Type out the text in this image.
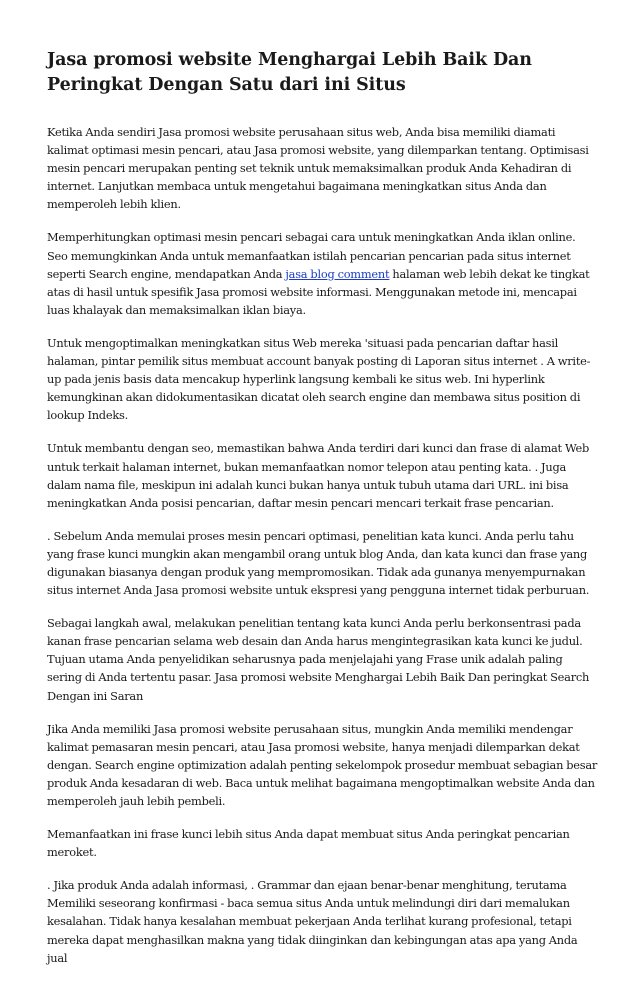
Jasa promosi website Menghargai Lebih Baik Dan Peringkat Dengan Satu dari ini Situs

Ketika Anda sendiri Jasa promosi website perusahaan situs web, Anda bisa memiliki diamati kalimat optimasi mesin pencari, atau Jasa promosi website, yang dilemparkan tentang. Optimisasi mesin pencari merupakan penting set teknik untuk memaksimalkan produk Anda Kehadiran di internet. Lanjutkan membaca untuk mengetahui bagaimana meningkatkan situs Anda dan memperoleh lebih klien.

Memperhitungkan optimasi mesin pencari sebagai cara untuk meningkatkan Anda iklan online. Seo memungkinkan Anda untuk memanfaatkan istilah pencarian pencarian pada situs internet seperti Search engine, mendapatkan Anda jasa blog comment halaman web lebih dekat ke tingkat atas di hasil untuk spesifik Jasa promosi website informasi. Menggunakan metode ini, mencapai luas khalayak dan memaksimalkan iklan biaya.

Untuk mengoptimalkan meningkatkan situs Web mereka 'situasi pada pencarian daftar hasil halaman, pintar pemilik situs membuat account banyak posting di Laporan situs internet . A write-up pada jenis basis data mencakup hyperlink langsung kembali ke situs web. Ini hyperlink kemungkinan akan didokumentasikan dicatat oleh search engine dan membawa situs position di lookup Indeks.

Untuk membantu dengan seo, memastikan bahwa Anda terdiri dari kunci dan frase di alamat Web untuk terkait halaman internet, bukan memanfaatkan nomor telepon atau penting kata. . Juga dalam nama file, meskipun ini adalah kunci bukan hanya untuk tubuh utama dari URL. ini bisa meningkatkan Anda posisi pencarian, daftar mesin pencari mencari terkait frase pencarian.

. Sebelum Anda memulai proses mesin pencari optimasi, penelitian kata kunci. Anda perlu tahu yang frase kunci mungkin akan mengambil orang untuk blog Anda, dan kata kunci dan frase yang digunakan biasanya dengan produk yang mempromosikan. Tidak ada gunanya menyempurnakan situs internet Anda Jasa promosi website untuk ekspresi yang pengguna internet tidak perburuan.

Sebagai langkah awal, melakukan penelitian tentang kata kunci Anda perlu berkonsentrasi pada kanan frase pencarian selama web desain dan Anda harus mengintegrasikan kata kunci ke judul. Tujuan utama Anda penyelidikan seharusnya pada menjelajahi yang Frase unik adalah paling sering di Anda tertentu pasar. Jasa promosi website Menghargai Lebih Baik Dan peringkat Search Dengan ini Saran

Jika Anda memiliki Jasa promosi website perusahaan situs, mungkin Anda memiliki mendengar kalimat pemasaran mesin pencari, atau Jasa promosi website, hanya menjadi dilemparkan dekat dengan. Search engine optimization adalah penting sekelompok prosedur membuat sebagian besar produk Anda kesadaran di web. Baca untuk melihat bagaimana mengoptimalkan website Anda dan memperoleh jauh lebih pembeli.

Memanfaatkan ini frase kunci lebih situs Anda dapat membuat situs Anda peringkat pencarian meroket.

. Jika produk Anda adalah informasi, . Grammar dan ejaan benar-benar menghitung, terutama Memiliki seseorang konfirmasi - baca semua situs Anda untuk melindungi diri dari memalukan kesalahan. Tidak hanya kesalahan membuat pekerjaan Anda terlihat kurang profesional, tetapi mereka dapat menghasilkan makna yang tidak diinginkan dan kebingungan atas apa yang Anda jual
